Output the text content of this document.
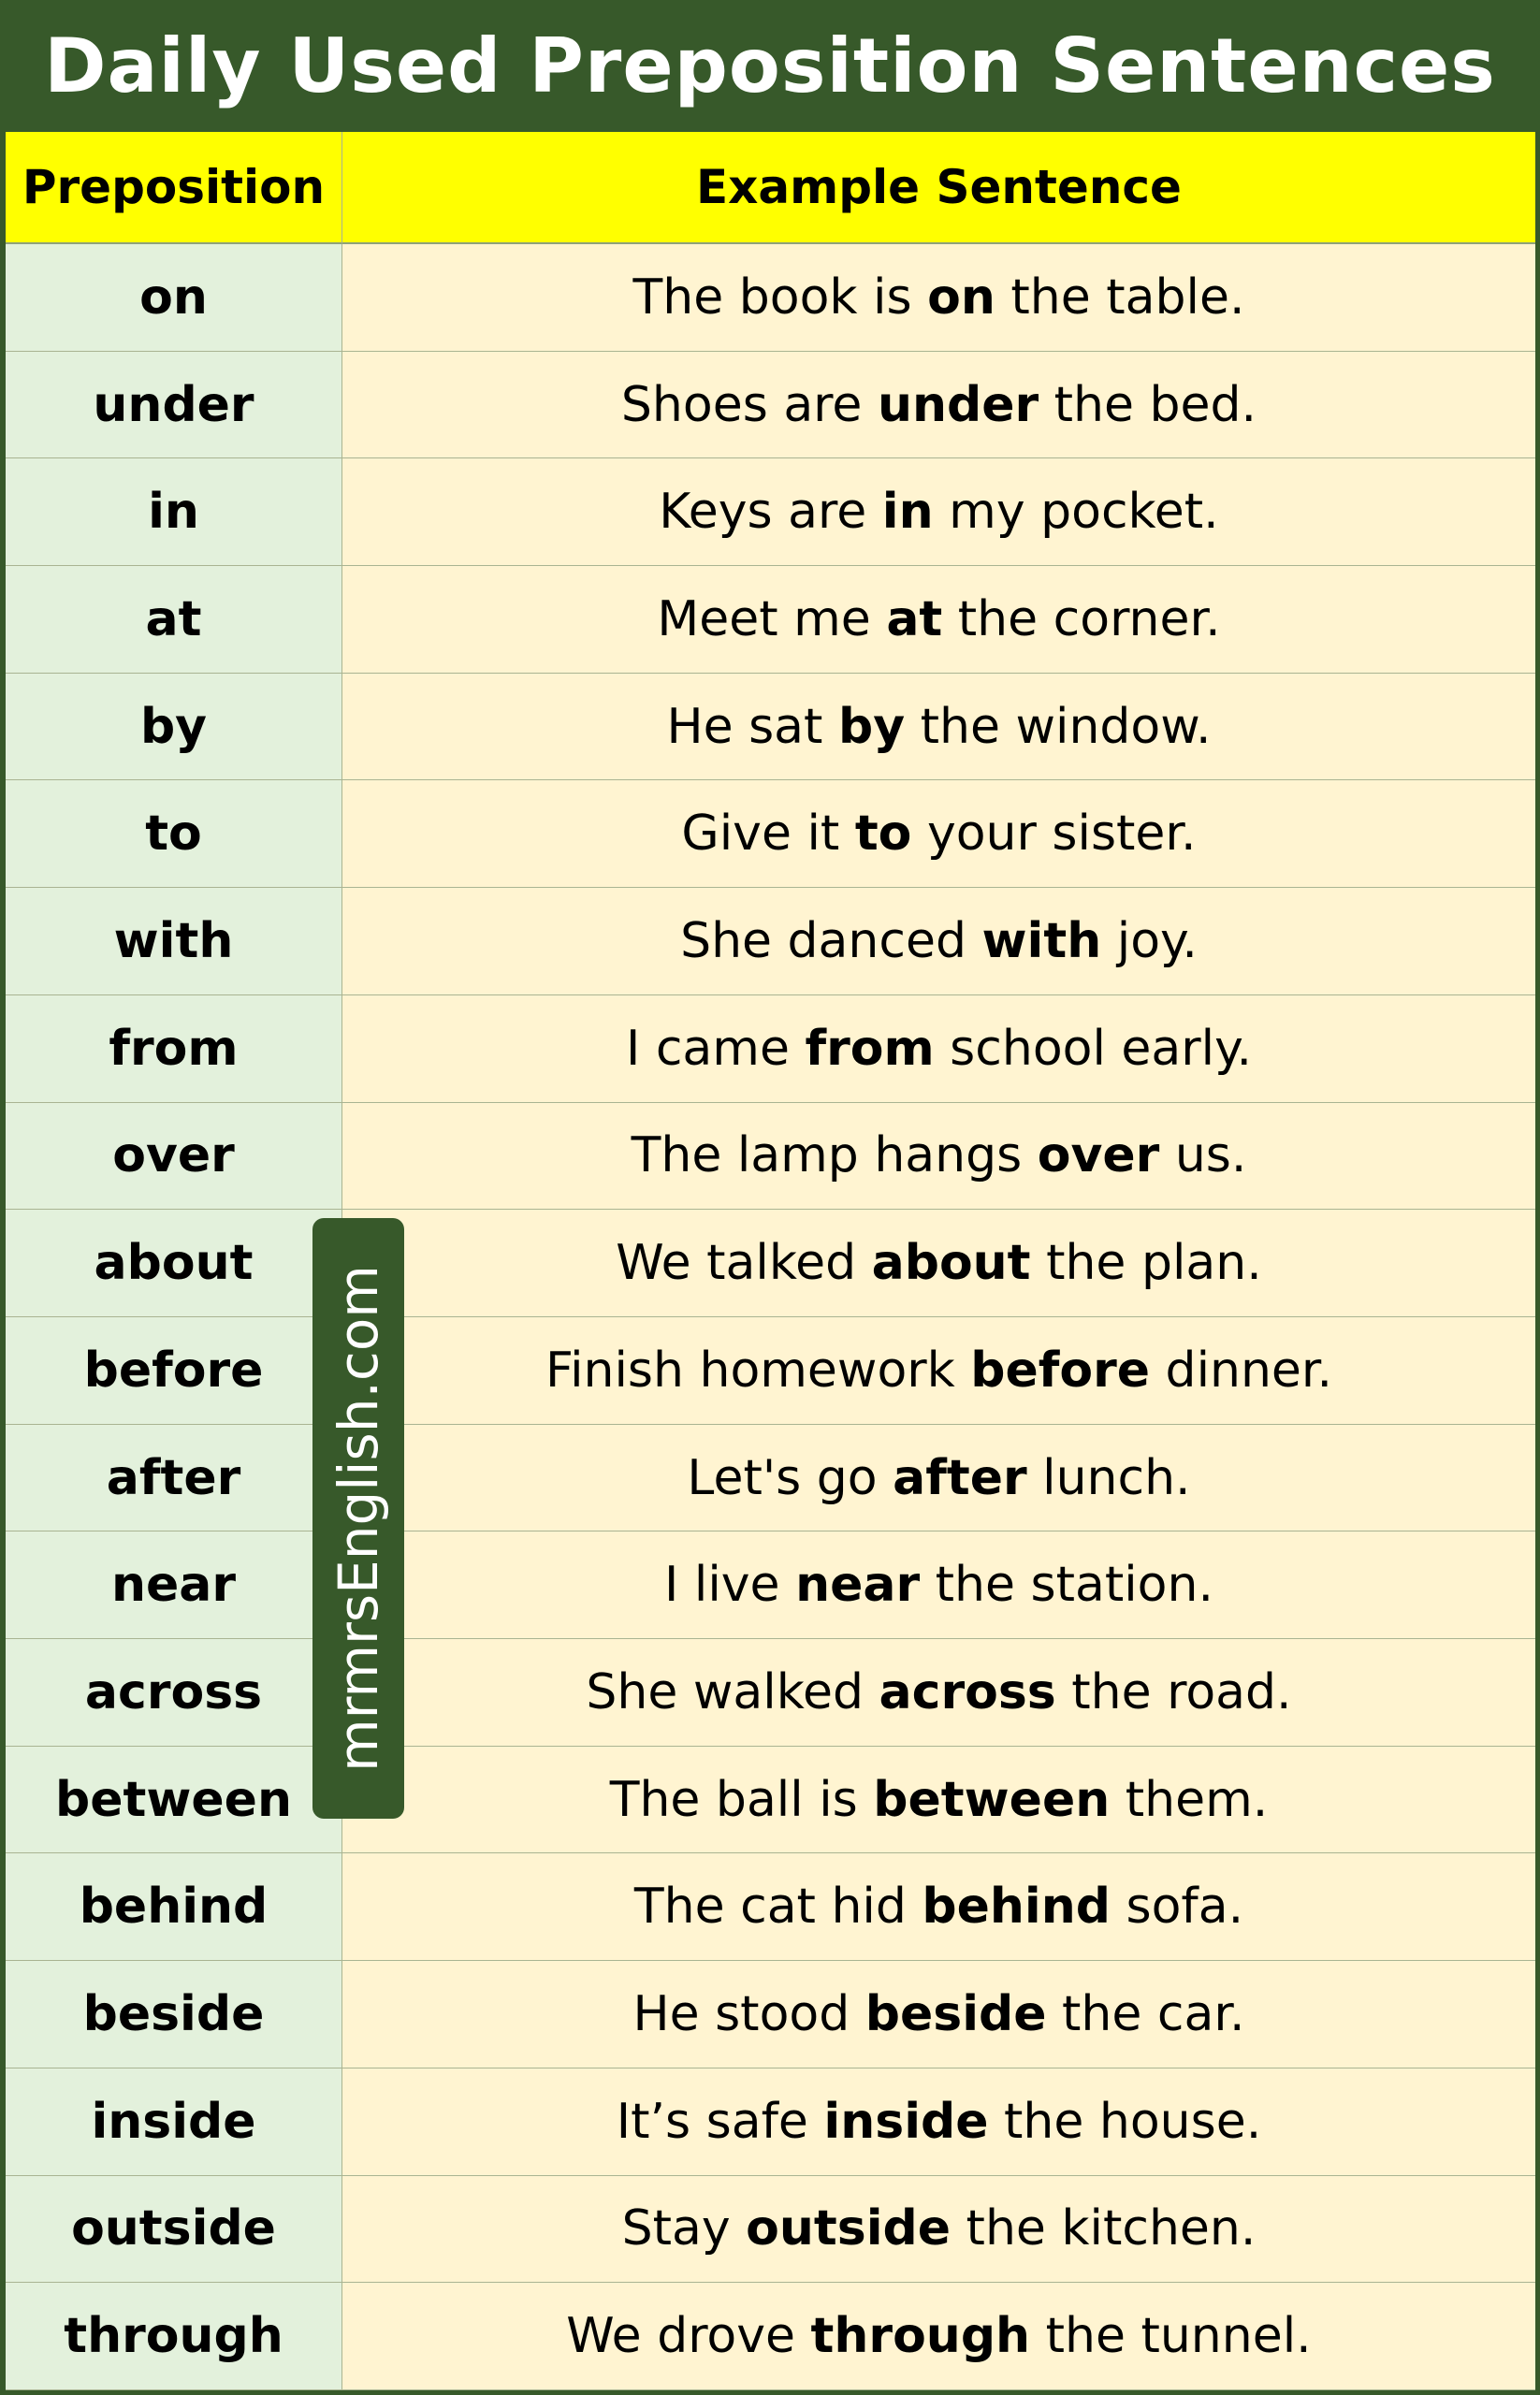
Daily Used Preposition Sentences
Preposition	Example Sentence
on	The book is on the table.
under	Shoes are under the bed.
in	Keys are in my pocket.
at	Meet me at the corner.
by	He sat by the window.
to	Give it to your sister.
with	She danced with joy.
from	I came from school early.
over	The lamp hangs over us.
about	We talked about the plan.
before	Finish homework before dinner.
after	Let's go after lunch.
near	I live near the station.
across	She walked across the road.
between	The ball is between them.
behind	The cat hid behind sofa.
beside	He stood beside the car.
inside	It’s safe inside the house.
outside	Stay outside the kitchen.
through	We drove through the tunnel.
mrmrsEnglish.com
